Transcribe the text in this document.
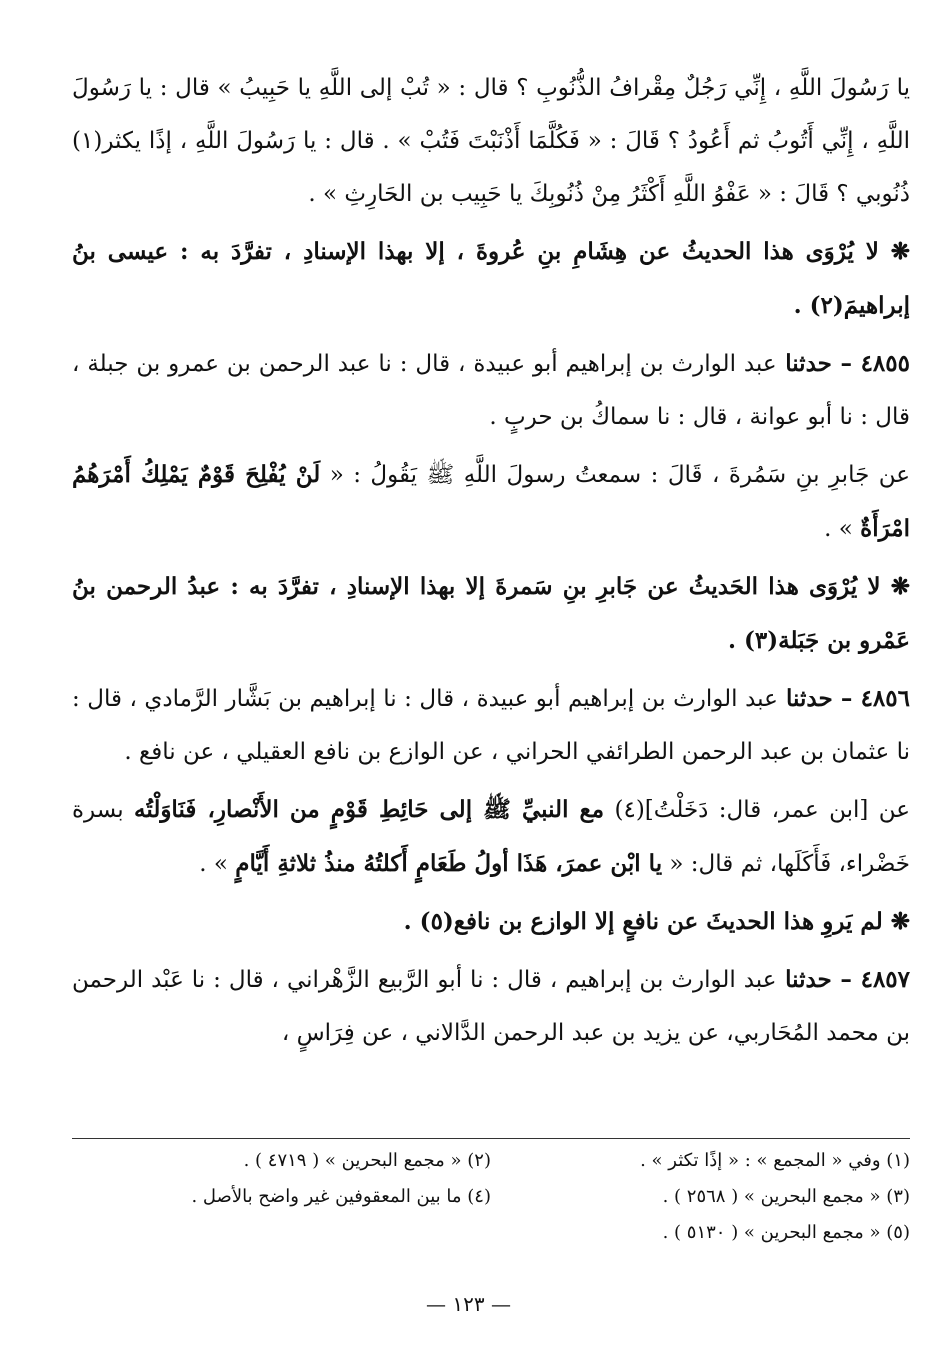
يا رَسُولَ اللَّهِ ، إِنِّي رَجُلٌ مِقْرافُ الذُّنُوبِ ؟ قال : « تُبْ إلى اللَّهِ يا حَبِيبُ » قال : يا رَسُولَ اللَّهِ ، إِنِّي أَتُوبُ ثم أَعُودُ ؟ قَالَ : « فَكُلَّمَا أَذْنَبْتَ فَتُبْ » . قال : يا رَسُولَ اللَّهِ ، إذًا يكثر(١) ذُنُوبي ؟ قَالَ : « عَفْوُ اللَّهِ أَكْثَرُ مِنْ ذُنُوبِكَ يا حَبِيب بن الحَارِثِ » .

❋ لا يُرْوَى هذا الحديثُ عن هِشَامِ بنِ عُروةَ ، إلا بهذا الإسنادِ ، تفرَّدَ به : عيسى بنُ إبراهيمَ(٢) .

٤٨٥٥ – حدثنا عبد الوارث بن إبراهيم أبو عبيدة ، قال : نا عبد الرحمن بن عمرو بن جبلة ، قال : نا أبو عوانة ، قال : نا سماكُ بن حربٍ .

عن جَابرِ بنِ سَمُرةَ ، قَالَ : سمعتُ رسولَ اللَّهِ ﷺ يَقُولُ : « لَنْ يُفْلِحَ قَوْمٌ يَمْلِكُ أَمْرَهُمُ امْرَأَةٌ » .

❋ لا يُرْوَى هذا الحَديثُ عن جَابرِ بنِ سَمرةَ إلا بهذا الإسنادِ ، تفرَّدَ به : عبدُ الرحمن بنُ عَمْرو بن جَبَلة(٣) .

٤٨٥٦ – حدثنا عبد الوارث بن إبراهيم أبو عبيدة ، قال : نا إبراهيم بن بَشَّار الرَّمادي ، قال : نا عثمان بن عبد الرحمن الطرائفي الحراني ، عن الوازع بن نافع العقيلي ، عن نافع .

عن [ابن عمر، قال: دَخَلْتُ](٤) مع النبيِّ ﷺ إلى حَائِطِ قَوْمٍ من الأَنْصارِ، فَنَاوَلْتُه بسرة خَضْراء، فَأَكَلَها، ثم قال: « يا ابْن عمرَ، هَذَا أولُ طَعَامٍ أَكلتُهُ منذُ ثلاثةِ أَيَّامٍ » .

❋ لم يَروِ هذا الحديثَ عن نافعٍ إلا الوازع بن نافع(٥) .

٤٨٥٧ – حدثنا عبد الوارث بن إبراهيم ، قال : نا أبو الرَّبيع الزَّهْراني ، قال : نا عَبْد الرحمن بن محمد المُحَاربي، عن يزيد بن عبد الرحمن الدَّالاني ، عن فِرَاسٍ ،

(١) وفي « المجمع » : « إذًا تكثر » .
(٢) « مجمع البحرين » ( ٤٧١٩ ) .
(٣) « مجمع البحرين » ( ٢٥٦٨ ) .
(٤) ما بين المعقوفين غير واضح بالأصل .
(٥) « مجمع البحرين » ( ٥١٣٠ ) .
— ١٢٣ —
